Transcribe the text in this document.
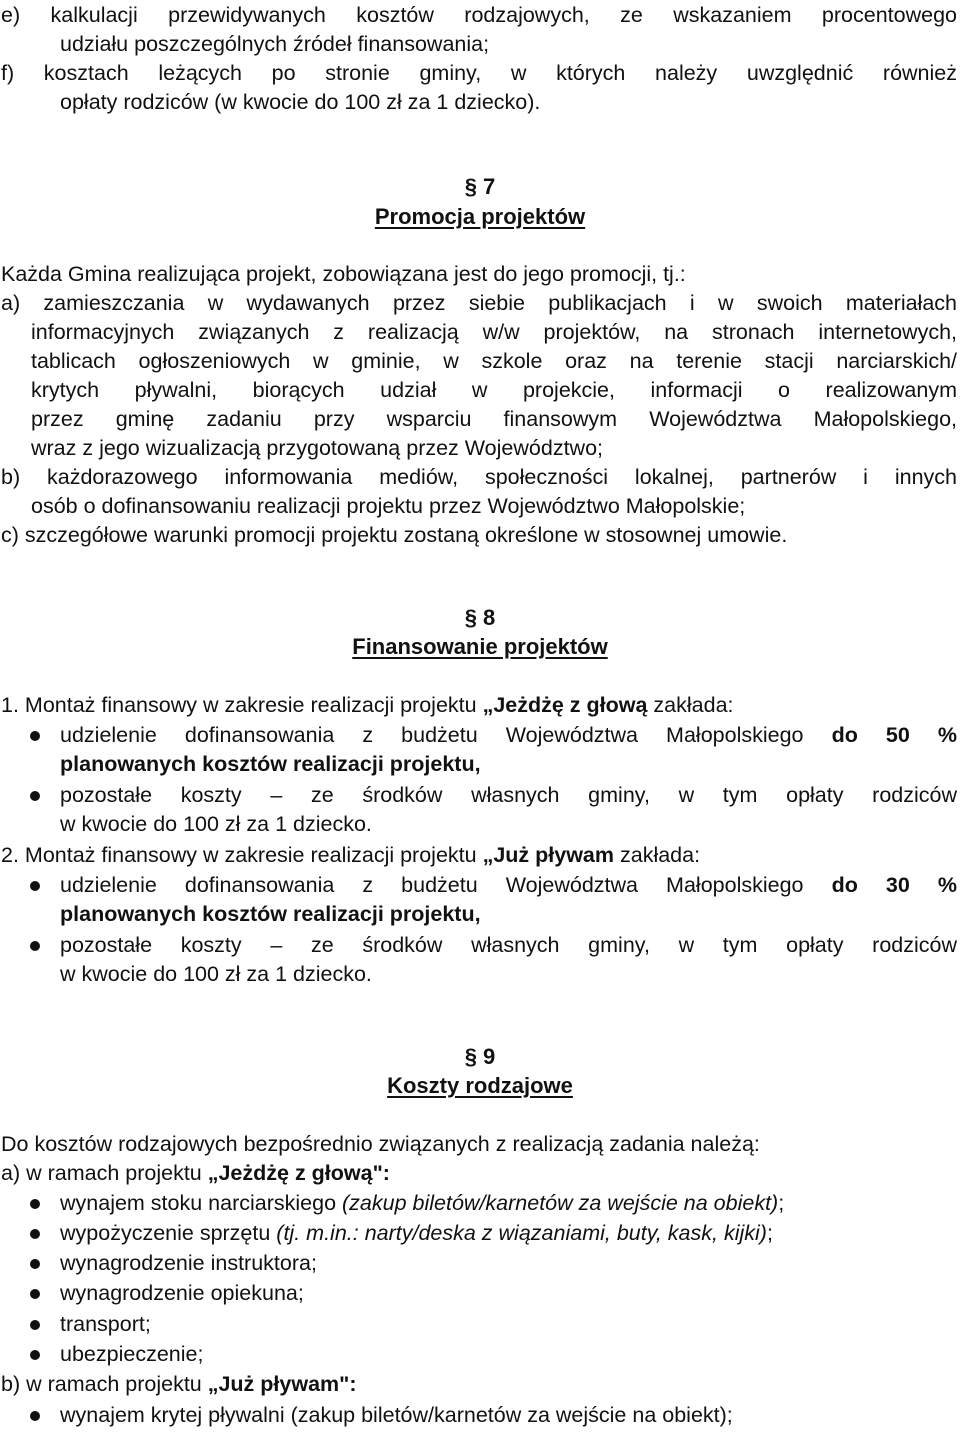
e) kalkulacji przewidywanych kosztów rodzajowych, ze wskazaniem procentowego
udziału poszczególnych źródeł finansowania;
f) kosztach leżących po stronie gminy, w których należy uwzględnić również
opłaty rodziców (w kwocie do 100 zł za 1 dziecko).
§ 7
Promocja projektów
Każda Gmina realizująca projekt, zobowiązana jest do jego promocji, tj.:
a) zamieszczania w wydawanych przez siebie publikacjach i w swoich materiałach
informacyjnych związanych z realizacją w/w projektów, na stronach internetowych,
tablicach ogłoszeniowych w gminie, w szkole oraz na terenie stacji narciarskich/
krytych pływalni, biorących udział w projekcie, informacji o realizowanym
przez gminę zadaniu przy wsparciu finansowym Województwa Małopolskiego,
wraz z jego wizualizacją przygotowaną przez Województwo;
b) każdorazowego informowania mediów, społeczności lokalnej, partnerów i innych
osób o dofinansowaniu realizacji projektu przez Województwo Małopolskie;
c) szczegółowe warunki promocji projektu zostaną określone w stosownej umowie.
§ 8
Finansowanie projektów
1. Montaż finansowy w zakresie realizacji projektu „Jeżdżę z głową zakłada:
udzielenie dofinansowania z budżetu Województwa Małopolskiego do 50 %
planowanych kosztów realizacji projektu,
pozostałe koszty – ze środków własnych gminy, w tym opłaty rodziców
w kwocie do 100 zł za 1 dziecko.
2. Montaż finansowy w zakresie realizacji projektu „Już pływam zakłada:
udzielenie dofinansowania z budżetu Województwa Małopolskiego do 30 %
planowanych kosztów realizacji projektu,
pozostałe koszty – ze środków własnych gminy, w tym opłaty rodziców
w kwocie do 100 zł za 1 dziecko.
§ 9
Koszty rodzajowe
Do kosztów rodzajowych bezpośrednio związanych z realizacją zadania należą:
a) w ramach projektu „Jeżdżę z głową":
wynajem stoku narciarskiego (zakup biletów/karnetów za wejście na obiekt);
wypożyczenie sprzętu (tj. m.in.: narty/deska z wiązaniami, buty, kask, kijki);
wynagrodzenie instruktora;
wynagrodzenie opiekuna;
transport;
ubezpieczenie;
b) w ramach projektu „Już pływam":
wynajem krytej pływalni (zakup biletów/karnetów za wejście na obiekt);
